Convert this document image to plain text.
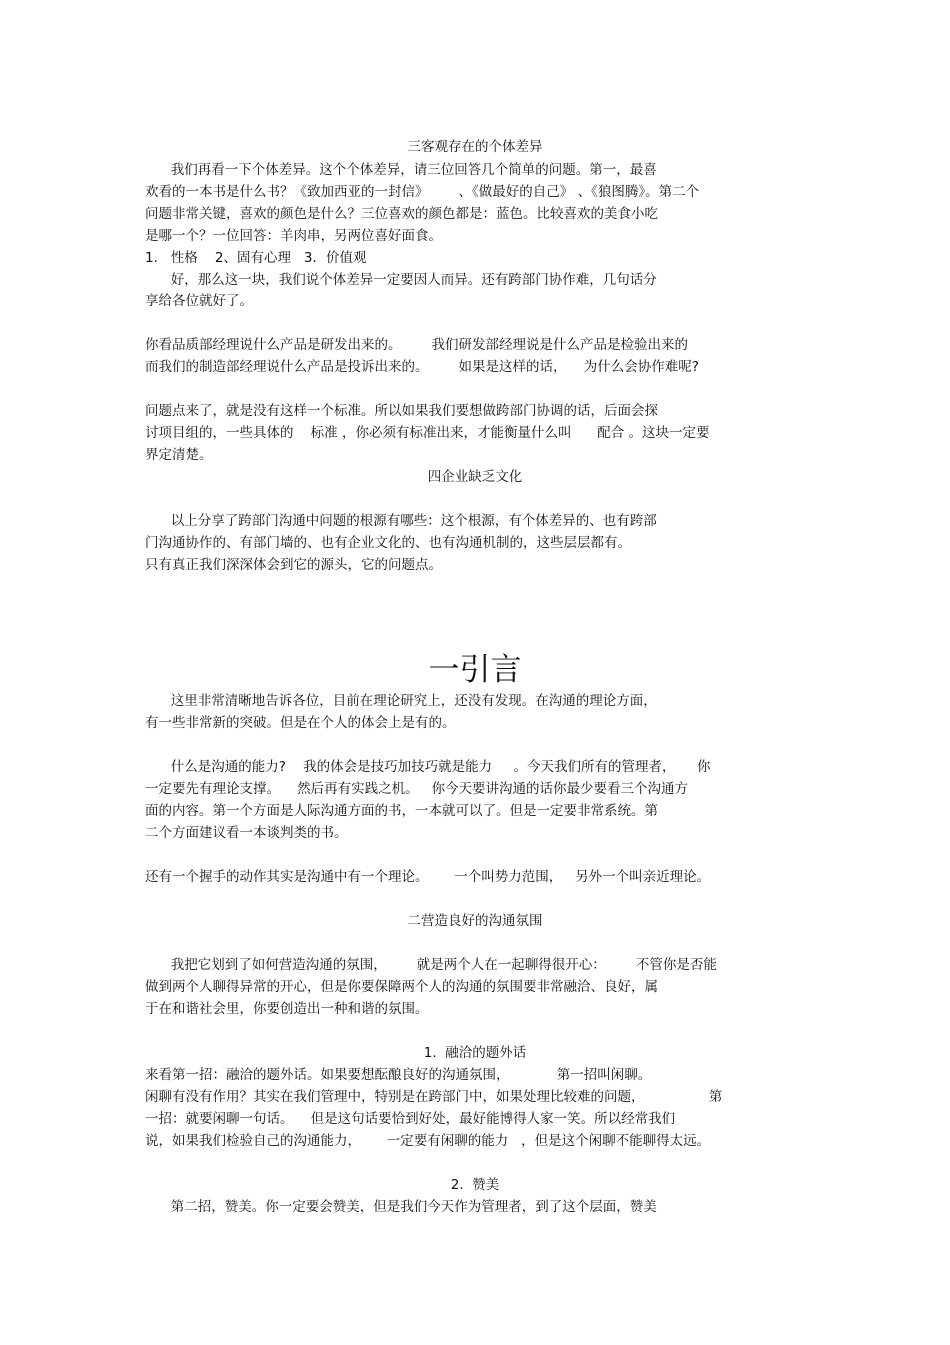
三客观存在的个体差异
我们再看一下个体差异。这个个体差异，请三位回答几个简单的问题。第一，最喜
欢看的一本书是什么书？《致加西亚的一封信》       、《做最好的自己》 、《狼图腾》。第二个
问题非常关键，喜欢的颜色是什么？三位喜欢的颜色都是：蓝色。比较喜欢的美食小吃
是哪一个？一位回答：羊肉串，另两位喜好面食。
1.   性格    2、固有心理   3．价值观
好，那么这一块，我们说个体差异一定要因人而异。还有跨部门协作难，几句话分
享给各位就好了。
你看品质部经理说什么产品是研发出来的。       我们研发部经理说是什么产品是检验出来的
而我们的制造部经理说什么产品是投诉出来的。       如果是这样的话，    为什么会协作难呢?
问题点来了，就是没有这样一个标准。所以如果我们要想做跨部门协调的话，后面会探
讨项目组的，一些具体的    标准 ，你必须有标准出来，才能衡量什么叫      配合 。这块一定要
界定清楚。
四企业缺乏文化
以上分享了跨部门沟通中问题的根源有哪些：这个根源，有个体差异的、也有跨部
门沟通协作的、有部门墙的、也有企业文化的、也有沟通机制的，这些层层都有。
只有真正我们深深体会到它的源头，它的问题点。
一引言
这里非常清晰地告诉各位，目前在理论研究上，还没有发现。在沟通的理论方面，
有一些非常新的突破。但是在个人的体会上是有的。
什么是沟通的能力?    我的体会是技巧加技巧就是能力     。今天我们所有的管理者，     你
一定要先有理论支撑。    然后再有实践之机。   你今天要讲沟通的话你最少要看三个沟通方
面的内容。第一个方面是人际沟通方面的书，一本就可以了。但是一定要非常系统。第
二个方面建议看一本谈判类的书。
还有一个握手的动作其实是沟通中有一个理论。      一个叫势力范围，   另外一个叫亲近理论。
二营造良好的沟通氛围
我把它划到了如何营造沟通的氛围，       就是两个人在一起聊得很开心：       不管你是否能
做到两个人聊得异常的开心，但是你要保障两个人的沟通的氛围要非常融洽、良好，属
于在和谐社会里，你要创造出一种和谐的氛围。
1.  融洽的题外话
来看第一招：融洽的题外话。如果要想酝酿良好的沟通氛围，           第一招叫闲聊。
闲聊有没有作用？其实在我们管理中，特别是在跨部门中，如果处理比较难的问题，               第
一招：就要闲聊一句话。    但是这句话要恰到好处，最好能博得人家一笑。所以经常我们
说，如果我们检验自己的沟通能力，      一定要有闲聊的能力   ，但是这个闲聊不能聊得太远。
2.  赞美
第二招，赞美。你一定要会赞美，但是我们今天作为管理者，到了这个层面，赞美
